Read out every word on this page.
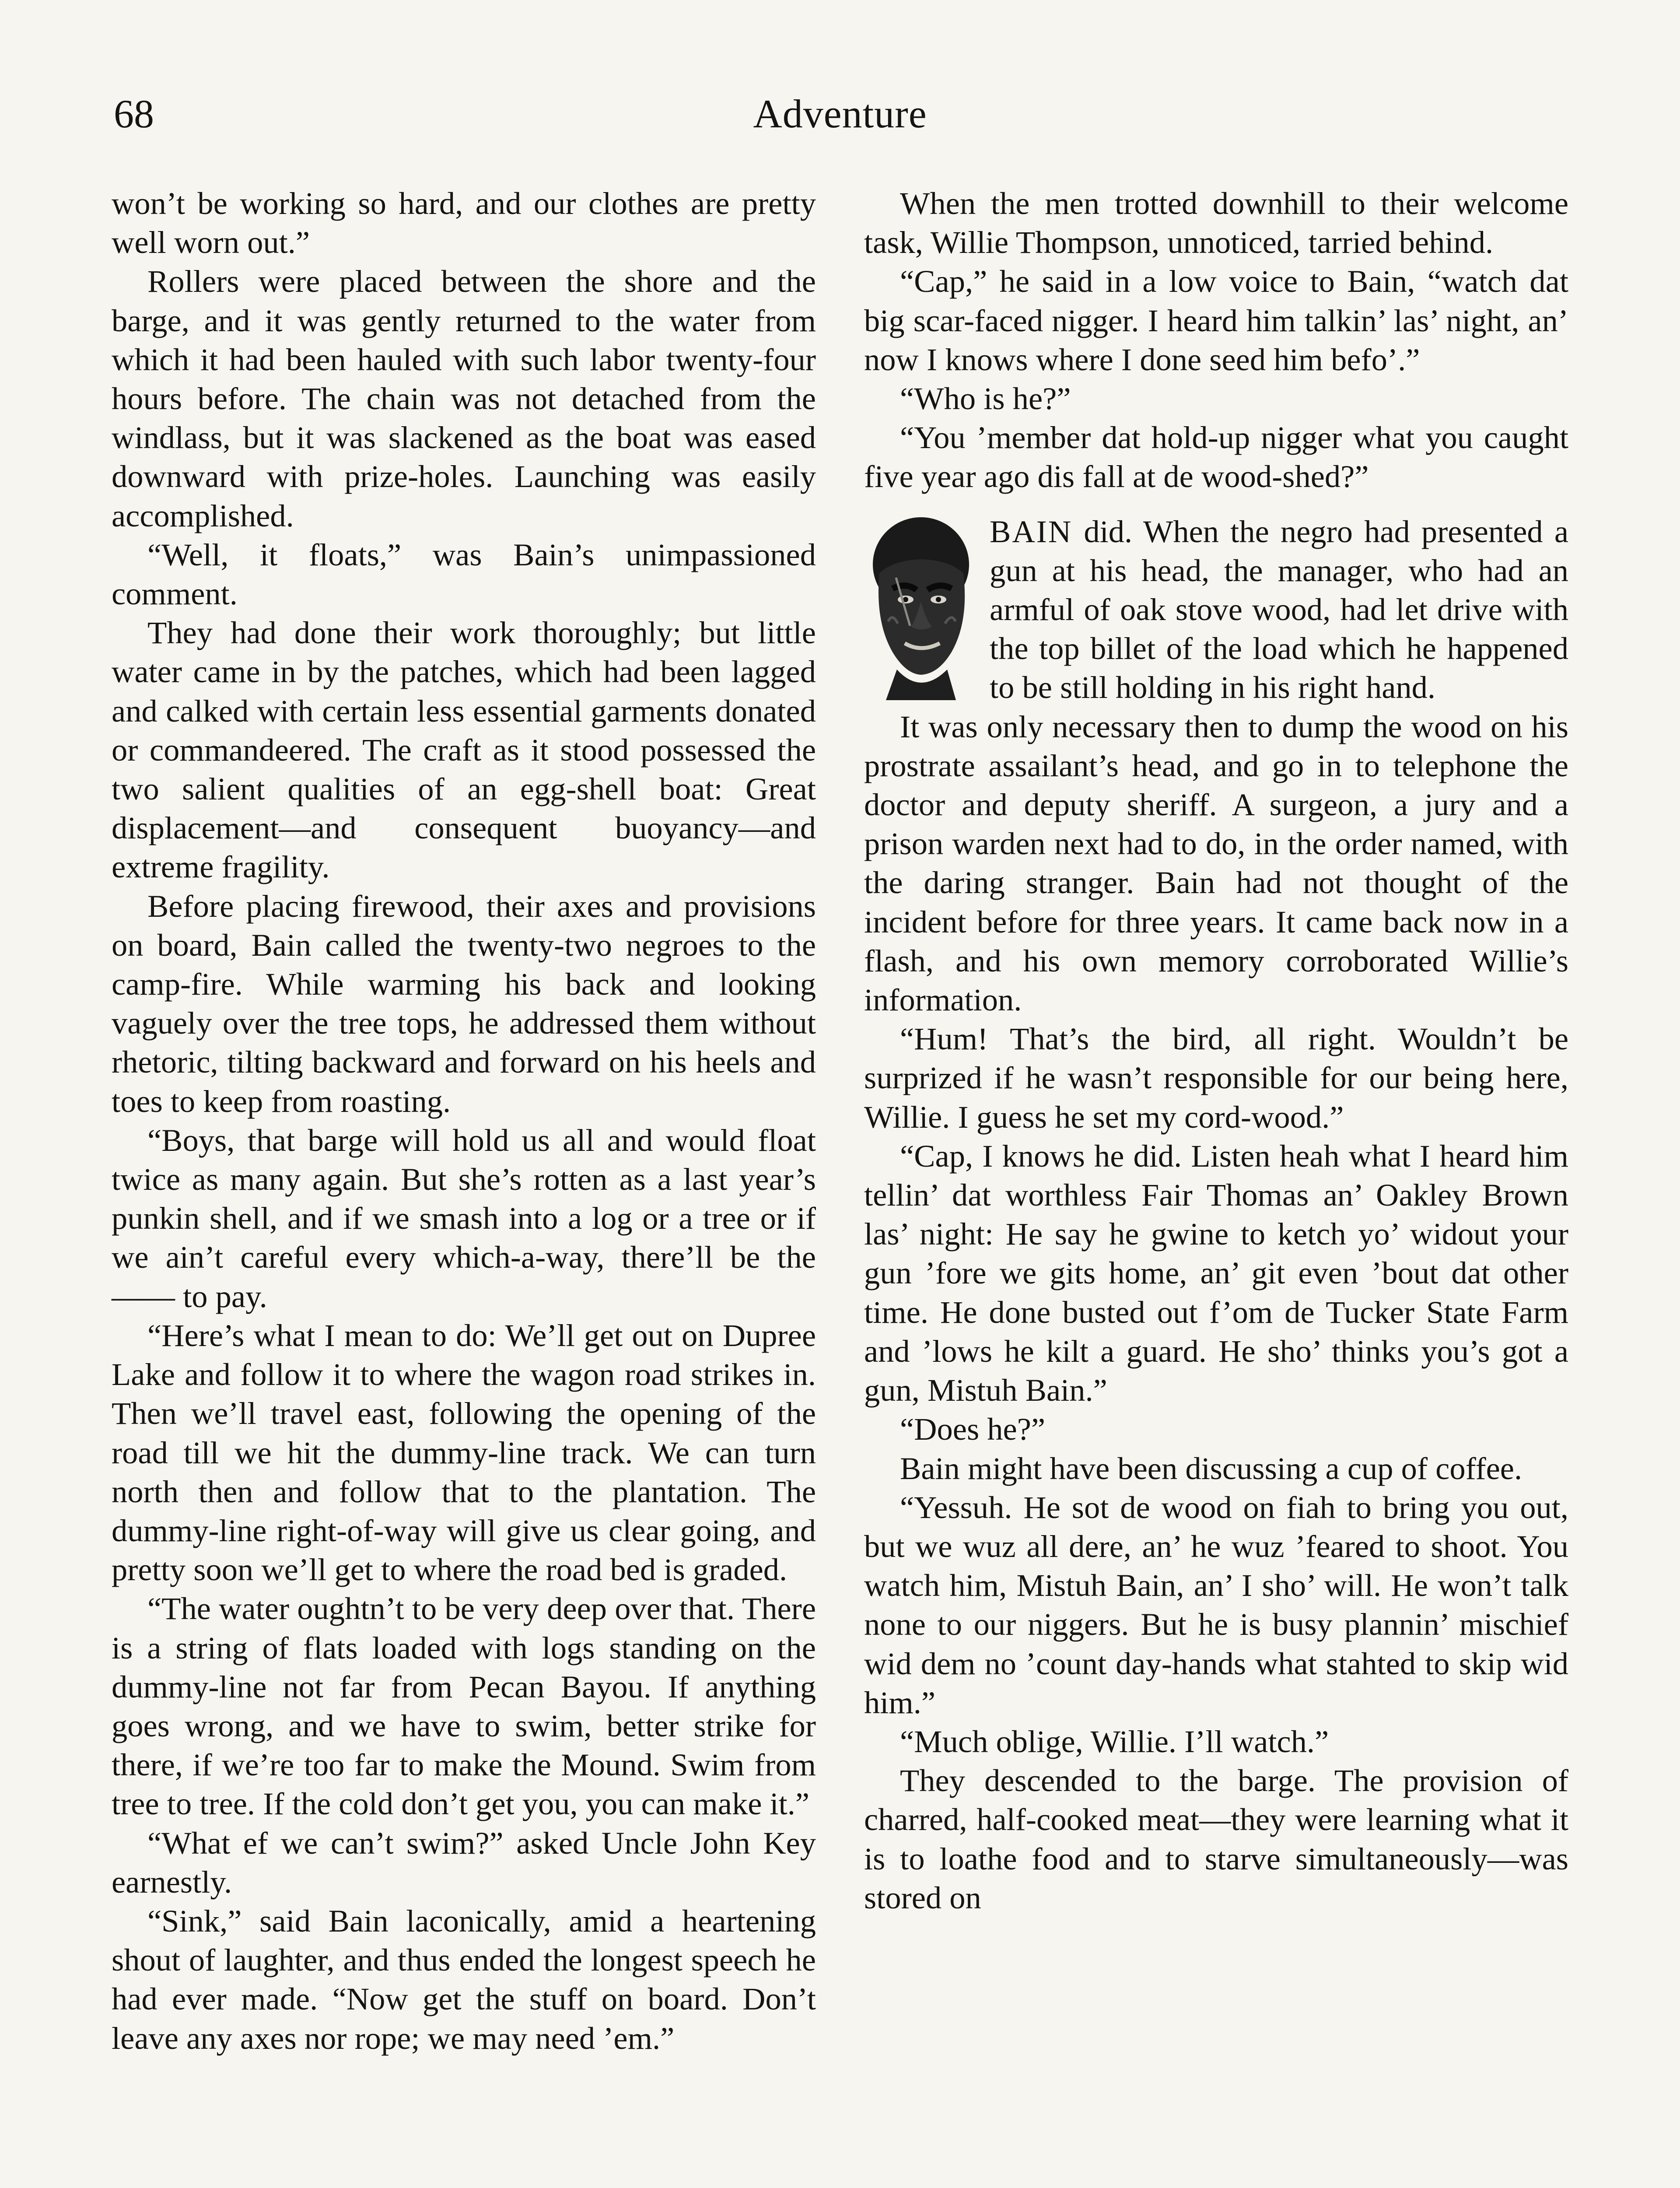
68	Adventure

won’t be working so hard, and our clothes are pretty well worn out.”

Rollers were placed between the shore and the barge, and it was gently returned to the water from which it had been hauled with such labor twenty-four hours before. The chain was not detached from the windlass, but it was slackened as the boat was eased downward with prize-holes. Launching was easily accomplished.

“Well, it floats,” was Bain’s unimpassioned comment.

They had done their work thoroughly; but little water came in by the patches, which had been lagged and calked with certain less essential garments donated or commandeered. The craft as it stood possessed the two salient qualities of an egg-shell boat: Great displacement—and consequent buoyancy—and extreme fragility.

Before placing firewood, their axes and provisions on board, Bain called the twenty-two negroes to the camp-fire. While warming his back and looking vaguely over the tree tops, he addressed them without rhetoric, tilting backward and forward on his heels and toes to keep from roasting.

“Boys, that barge will hold us all and would float twice as many again. But she’s rotten as a last year’s punkin shell, and if we smash into a log or a tree or if we ain’t careful every which-a-way, there’ll be the —— to pay.

“Here’s what I mean to do: We’ll get out on Dupree Lake and follow it to where the wagon road strikes in. Then we’ll travel east, following the opening of the road till we hit the dummy-line track. We can turn north then and follow that to the plantation. The dummy-line right-of-way will give us clear going, and pretty soon we’ll get to where the road bed is graded.

“The water oughtn’t to be very deep over that. There is a string of flats loaded with logs standing on the dummy-line not far from Pecan Bayou. If anything goes wrong, and we have to swim, better strike for there, if we’re too far to make the Mound. Swim from tree to tree. If the cold don’t get you, you can make it.”

“What ef we can’t swim?” asked Uncle John Key earnestly.

“Sink,” said Bain laconically, amid a heartening shout of laughter, and thus ended the longest speech he had ever made. “Now get the stuff on board. Don’t leave any axes nor rope; we may need ’em.”

When the men trotted downhill to their welcome task, Willie Thompson, unnoticed, tarried behind.

“Cap,” he said in a low voice to Bain, “watch dat big scar-faced nigger. I heard him talkin’ las’ night, an’ now I knows where I done seed him befo’.”

“Who is he?”

“You ’member dat hold-up nigger what you caught five year ago dis fall at de wood-shed?”

BAIN did. When the negro had presented a gun at his head, the manager, who had an armful of oak stove wood, had let drive with the top billet of the load which he happened to be still holding in his right hand.

It was only necessary then to dump the wood on his prostrate assailant’s head, and go in to telephone the doctor and deputy sheriff. A surgeon, a jury and a prison warden next had to do, in the order named, with the daring stranger. Bain had not thought of the incident before for three years. It came back now in a flash, and his own memory corroborated Willie’s information.

“Hum! That’s the bird, all right. Wouldn’t be surprized if he wasn’t responsible for our being here, Willie. I guess he set my cord-wood.”

“Cap, I knows he did. Listen heah what I heard him tellin’ dat worthless Fair Thomas an’ Oakley Brown las’ night: He say he gwine to ketch yo’ widout your gun ’fore we gits home, an’ git even ’bout dat other time. He done busted out f’om de Tucker State Farm and ’lows he kilt a guard. He sho’ thinks you’s got a gun, Mistuh Bain.”

“Does he?”

Bain might have been discussing a cup of coffee.

“Yessuh. He sot de wood on fiah to bring you out, but we wuz all dere, an’ he wuz ’feared to shoot. You watch him, Mistuh Bain, an’ I sho’ will. He won’t talk none to our niggers. But he is busy plannin’ mischief wid dem no ’count day-hands what stahted to skip wid him.”

“Much oblige, Willie. I’ll watch.”

They descended to the barge. The provision of charred, half-cooked meat—they were learning what it is to loathe food and to starve simultaneously—was stored on
